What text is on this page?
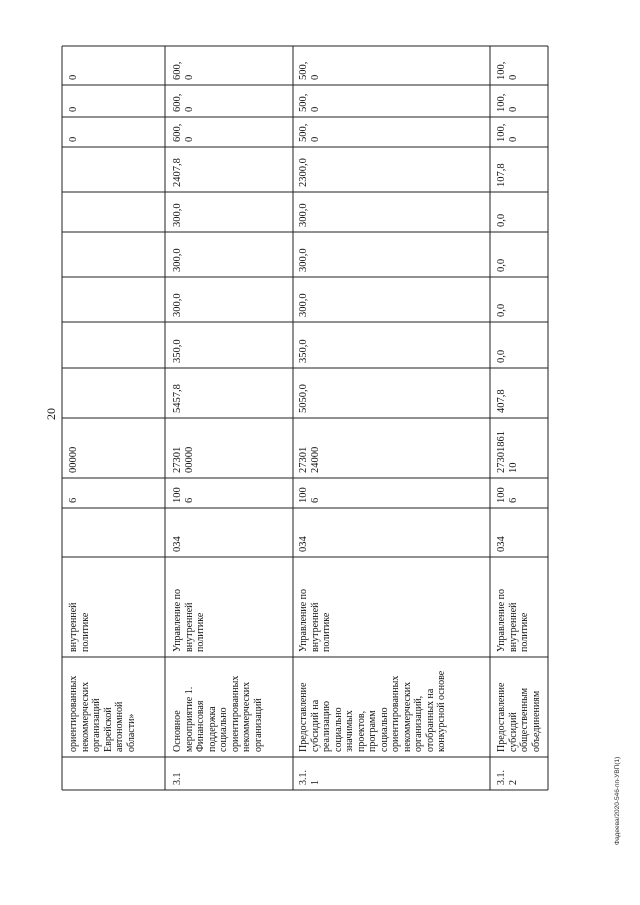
ориентированных
некоммерческих
организаций
Еврейской
автономной
области»
внутренней
политике
6
00000
0
0
0
3.1
Основное
мероприятие 1.
Финансовая
поддержка
социально
ориентированных
некоммерческих
организаций
Управление по
внутренней
политике
034
100
6
27301
00000
5457,8
350,0
300,0
300,0
300,0
2407,8
600,
0
600,
0
600,
0
3.1.
1
Предоставление
субсидий на
реализацию
социально
значимых
проектов,
программ
социально
ориентированных
некоммерческих
организаций,
отобранных на
конкурсной основе
Управление по
внутренней
политике
034
100
6
27301
24000
5050,0
350,0
300,0
300,0
300,0
2300,0
500,
0
500,
0
500,
0
3.1.
2
Предоставление
субсидий
общественным
объединениям
Управление по
внутренней
политике
034
100
6
27301861
10
407,8
0,0
0,0
0,0
0,0
107,8
100,
0
100,
0
100,
0
20
Фадеева/2020-546-пп-УВП(1)
